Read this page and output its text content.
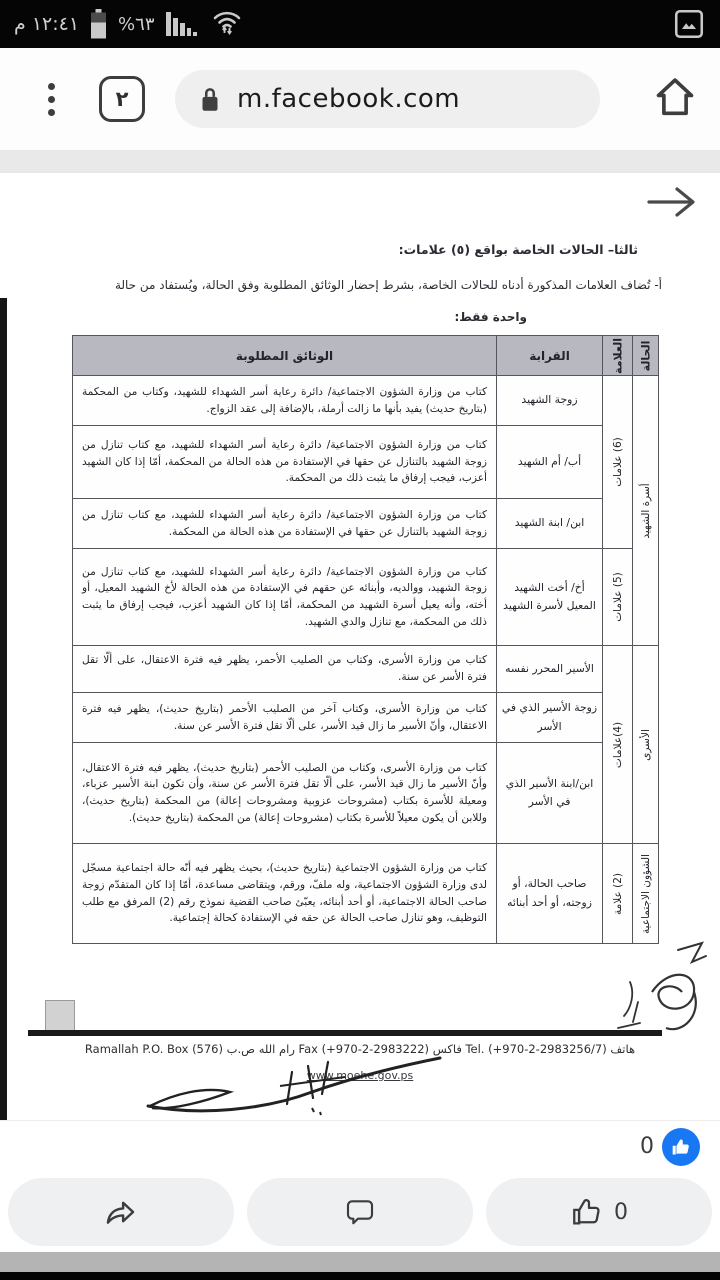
١٢:٤١ م %٦٣
٢	m.facebook.com
ثالثا– الحالات الخاصة بواقع (٥) علامات:
أ- تُضاف العلامات المذكورة أدناه للحالات الخاصة، بشرط إحضار الوثائق المطلوبة وفق الحالة، ويُستفاد من حالة
واحدة فقط:
الحالة	العلامة	القرابة	الوثائق المطلوبة

أسرة الشهيد	(6) علامات	زوجة الشهيد	كتاب من وزارة الشؤون الاجتماعية/ دائرة رعاية أسر الشهداء للشهيد، وكتاب من المحكمة (بتاريخ حديث) يفيد بأنها ما زالت أرملة، بالإضافة إلى عقد الزواج.
		أب/ أم الشهيد	كتاب من وزارة الشؤون الاجتماعية/ دائرة رعاية أسر الشهداء للشهيد، مع كتاب تنازل من زوجة الشهيد بالتنازل عن حقها في الإستفادة من هذه الحالة من المحكمة، أمّا إذا كان الشهيد أعزب، فيجب إرفاق ما يثبت ذلك من المحكمة.
		ابن/ ابنة الشهيد	كتاب من وزارة الشؤون الاجتماعية/ دائرة رعاية أسر الشهداء للشهيد، مع كتاب تنازل من زوجة الشهيد بالتنازل عن حقها في الإستفادة من هذه الحالة من المحكمة.

	(5) علامات	أخ/ أخت الشهيد المعيل لأسرة الشهيد	كتاب من وزارة الشؤون الاجتماعية/ دائرة رعاية أسر الشهداء للشهيد، مع كتاب تنازل من زوجة الشهيد، ووالديه، وأبنائه عن حقهم في الإستفادة من هذه الحالة لأخ الشهيد المعيل، أو أخته، وأنه يعيل أسرة الشهيد من المحكمة، أمّا إذا كان الشهيد أعزب، فيجب إرفاق ما يثبت ذلك من المحكمة، مع تنازل والدي الشهيد.

الأسرى	(4)علامات	الأسير المحرر نفسه	كتاب من وزارة الأسرى، وكتاب من الصليب الأحمر، يظهر فيه فترة الاعتقال، على ألّا تقل فترة الأسر عن سنة.
		زوجة الأسير الذي في الأسر	كتاب من وزارة الأسرى، وكتاب آخر من الصليب الأحمر (بتاريخ حديث)، يظهر فيه فترة الاعتقال، وأنّ الأسير ما زال قيد الأسر، على ألّا تقل فترة الأسر عن سنة.
		ابن/ابنة الأسير الذي في الأسر	كتاب من وزارة الأسرى، وكتاب من الصليب الأحمر (بتاريخ حديث)، يظهر فيه فترة الاعتقال، وأنّ الأسير ما زال قيد الأسر، على ألّا تقل فترة الأسر عن سنة، وأن تكون ابنة الأسير عزباء، ومعيلة للأسرة بكتاب (مشروحات عزوبية ومشروحات إعالة) من المحكمة (بتاريخ حديث)، وللابن أن يكون معيلاً للأسرة بكتاب (مشروحات إعالة) من المحكمة (بتاريخ حديث).

الشؤون الاجتماعية	(2) علامة	صاحب الحالة، أو زوجته، أو أحد أبنائه	كتاب من وزارة الشؤون الاجتماعية (بتاريخ حديث)، بحيث يظهر فيه أنّه حالة اجتماعية مسجّل لدى وزارة الشؤون الاجتماعية، وله ملفّ، ورقم، ويتقاضى مساعدة، أمّا إذا كان المتقدّم زوجة صاحب الحالة الاجتماعية، أو أحد أبنائه، يعبّئ صاحب القضية نموذج رقم (2) المرفق مع طلب التوظيف، وهو تنازل صاحب الحالة عن حقه في الإستفادة كحالة إجتماعية.
Ramallah P.O. Box (576) رام الله ص.ب Fax (+970-2-2983222) فاكس Tel. (+970-2-2983256/7) هاتف
www.moehe.gov.ps
0
0
